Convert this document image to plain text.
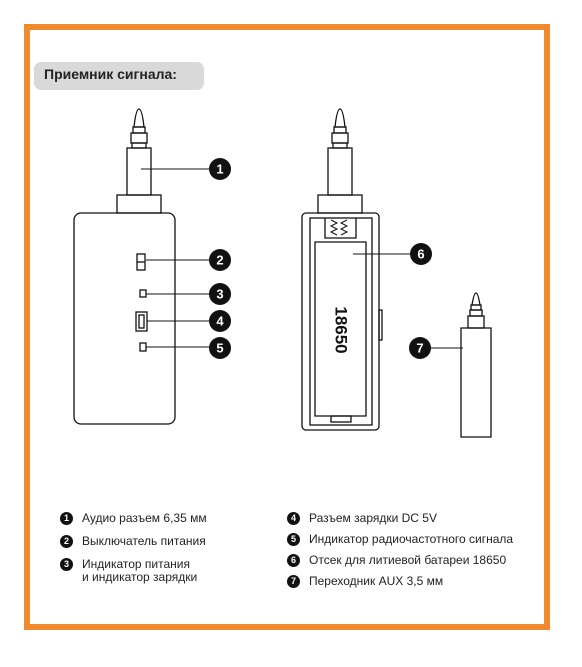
Приемник сигнала:
18650
1
2
3
4
5
6
7
1	Аудио разъем 6,35 мм
2	Выключатель питания
3	Индикатор питания
и индикатор зарядки
4	Разъем зарядки DC 5V
5	Индикатор радиочастотного сигнала
6	Отсек для литиевой батареи 18650
7	Переходник AUX 3,5 мм
